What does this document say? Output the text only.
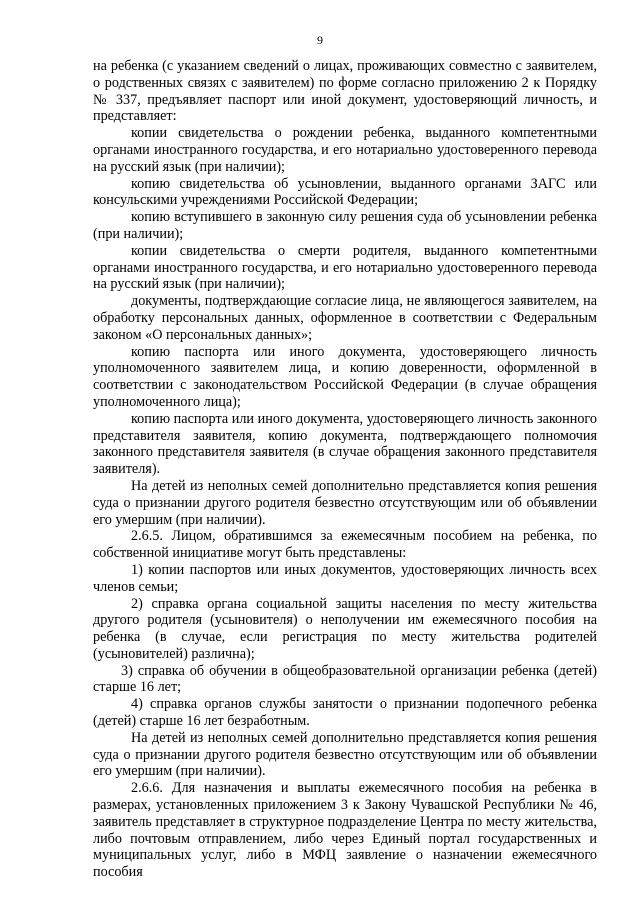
9

на ребенка (с указанием сведений о лицах, проживающих совместно с заявителем, о родственных связях с заявителем) по форме согласно приложению 2 к Порядку № 337, предъявляет паспорт или иной документ, удостоверяющий личность, и представляет:

копии свидетельства о рождении ребенка, выданного компетентными органами иностранного государства, и его нотариально удостоверенного перевода на русский язык (при наличии);

копию свидетельства об усыновлении, выданного органами ЗАГС или консульскими учреждениями Российской Федерации;

копию вступившего в законную силу решения суда об усыновлении ребенка (при наличии);

копии свидетельства о смерти родителя, выданного компетентными органами иностранного государства, и его нотариально удостоверенного перевода на русский язык (при наличии);

документы, подтверждающие согласие лица, не являющегося заявителем, на обработку персональных данных, оформленное в соответствии с Федеральным законом «О персональных данных»;

копию паспорта или иного документа, удостоверяющего личность уполномоченного заявителем лица, и копию доверенности, оформленной в соответствии с законодательством Российской Федерации (в случае обращения уполномоченного лица);

копию паспорта или иного документа, удостоверяющего личность законного представителя заявителя, копию документа, подтверждающего полномочия законного представителя заявителя (в случае обращения законного представителя заявителя).

На детей из неполных семей дополнительно представляется копия решения суда о признании другого родителя безвестно отсутствующим или об объявлении его умершим (при наличии).

2.6.5. Лицом, обратившимся за ежемесячным пособием на ребенка, по собственной инициативе могут быть представлены:

1) копии паспортов или иных документов, удостоверяющих личность всех членов семьи;

2) справка органа социальной защиты населения по месту жительства другого родителя (усыновителя) о неполучении им ежемесячного пособия на ребенка (в случае, если регистрация по месту жительства родителей (усыновителей) различна);

3) справка об обучении в общеобразовательной организации ребенка (детей) старше 16 лет;

4) справка органов службы занятости о признании подопечного ребенка (детей) старше 16 лет безработным.

На детей из неполных семей дополнительно представляется копия решения суда о признании другого родителя безвестно отсутствующим или об объявлении его умершим (при наличии).

2.6.6. Для назначения и выплаты ежемесячного пособия на ребенка в размерах, установленных приложением 3 к Закону Чувашской Республики № 46, заявитель представляет в структурное подразделение Центра по месту жительства, либо почтовым отправлением, либо через Единый портал государственных и муниципальных услуг, либо в МФЦ заявление о назначении ежемесячного пособия
